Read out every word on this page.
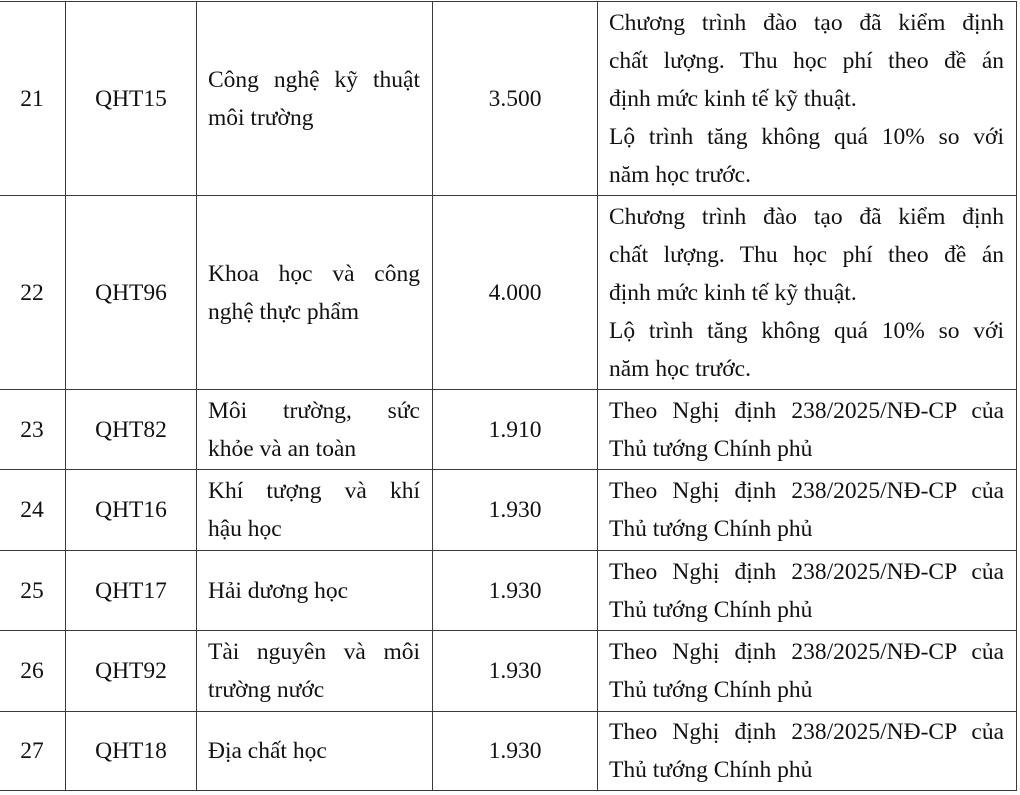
21	QHT15	Công nghệ kỹ thuật
môi trường	3.500	Chương trình đào tạo đã kiểm định
chất lượng. Thu học phí theo đề án
định mức kinh tế kỹ thuật.
Lộ trình tăng không quá 10% so với
năm học trước.

22	QHT96	Khoa học và công
nghệ thực phẩm	4.000	Chương trình đào tạo đã kiểm định
chất lượng. Thu học phí theo đề án
định mức kinh tế kỹ thuật.
Lộ trình tăng không quá 10% so với
năm học trước.

23	QHT82	Môi trường, sức
khỏe và an toàn	1.910	Theo Nghị định 238/2025/NĐ-CP của
Thủ tướng Chính phủ

24	QHT16	Khí tượng và khí
hậu học	1.930	Theo Nghị định 238/2025/NĐ-CP của
Thủ tướng Chính phủ

25	QHT17	Hải dương học	1.930	Theo Nghị định 238/2025/NĐ-CP của
Thủ tướng Chính phủ

26	QHT92	Tài nguyên và môi
trường nước	1.930	Theo Nghị định 238/2025/NĐ-CP của
Thủ tướng Chính phủ

27	QHT18	Địa chất học	1.930	Theo Nghị định 238/2025/NĐ-CP của
Thủ tướng Chính phủ
